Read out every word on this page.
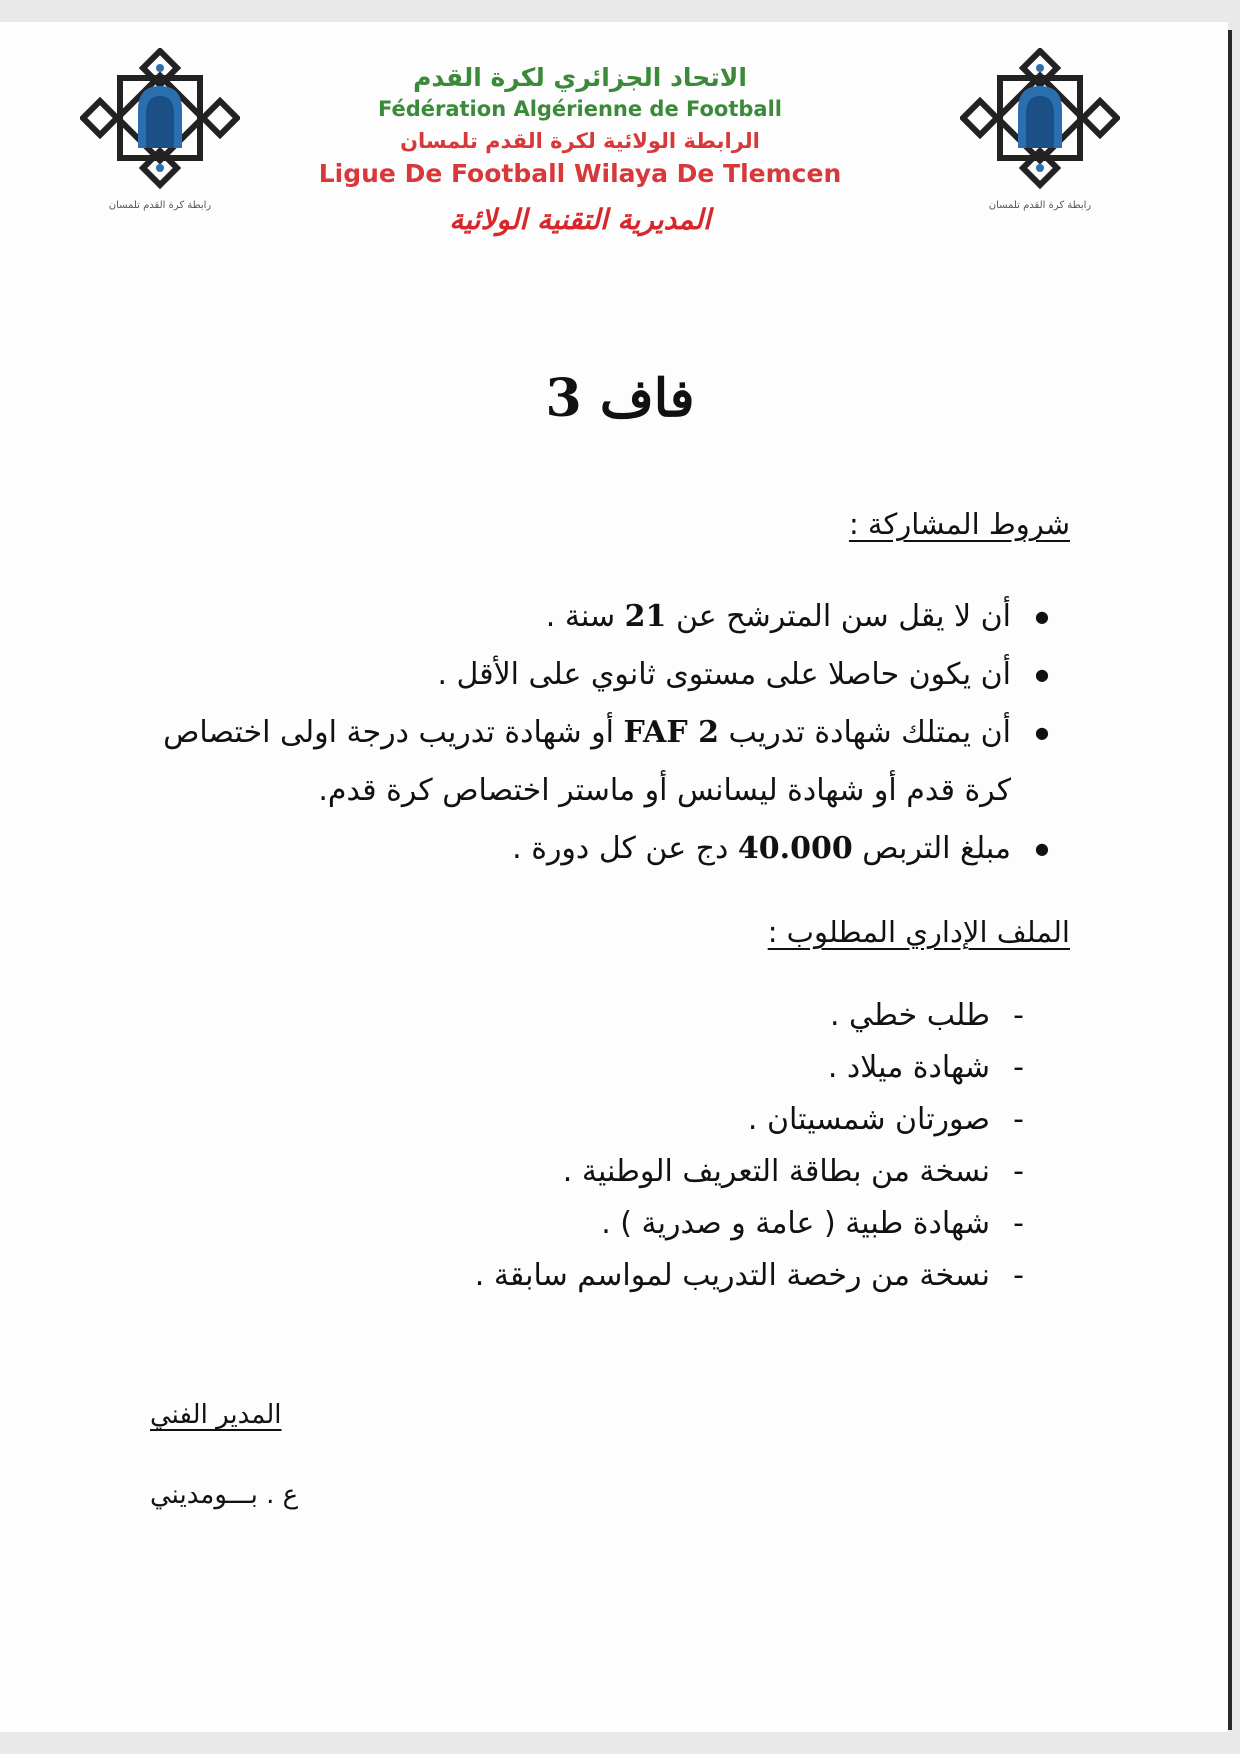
رابطة كرة القدم تلمسان	رابطة كرة القدم تلمسان

الاتحاد الجزائري لكرة القدم

Fédération Algérienne de Football

الرابطة الولائية لكرة القدم تلمسان

Ligue De Football Wilaya De Tlemcen

المديرية التقنية الولائية

فاف 3

شروط المشاركة :

● أن لا يقل سن المترشح عن 21 سنة .
● أن يكون حاصلا على مستوى ثانوي على الأقل .
● أن يمتلك شهادة تدريب FAF 2 أو شهادة تدريب درجة اولى اختصاص كرة قدم أو شهادة ليسانس أو ماستر اختصاص كرة قدم.
● مبلغ التربص 40.000 دج عن كل دورة .

الملف الإداري المطلوب :

- طلب خطي .
- شهادة ميلاد .
- صورتان شمسيتان .
- نسخة من بطاقة التعريف الوطنية .
- شهادة طبية ( عامة و صدرية ) .
- نسخة من رخصة التدريب لمواسم سابقة .
المدير الفني
ع . بـــومديني
